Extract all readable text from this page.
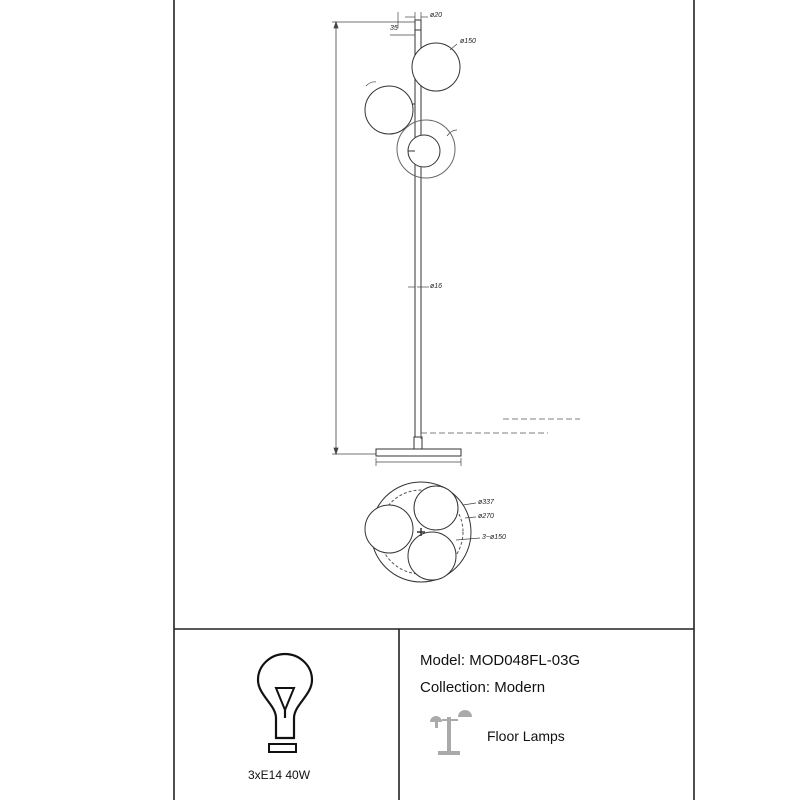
ø20
35
ø150
ø16
ø337
ø270
3−ø150
3xE14 40W
Model: MOD048FL-03G
Collection: Modern
Floor Lamps
